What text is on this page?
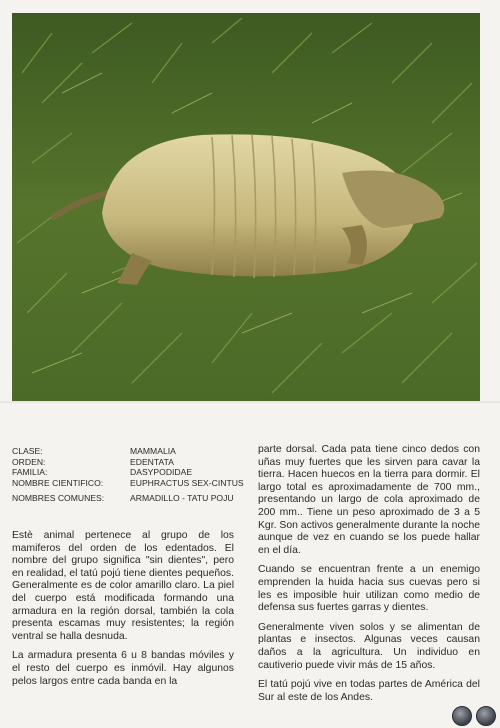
CLASE:	MAMMALIA
ORDEN:	EDENTATA
FAMILIA:	DASYPODIDAE
NOMBRE CIENTIFICO:	EUPHRACTUS SEX-CINTUS
NOMBRES COMUNES:	ARMADILLO - TATU POJU

Estè animal pertenece al grupo de los mamiferos del orden de los edentados. El nombre del grupo significa "sin dientes", pero en realidad, el tatú pojú tiene dientes pequeños. Generalmente es de color amarillo claro. La piel del cuerpo está modificada formando una armadura en la región dorsal, también la cola presenta escamas muy resistentes; la región ventral se halla desnuda.

La armadura presenta 6 u 8 bandas móviles y el resto del cuerpo es inmóvil. Hay algunos pelos largos entre cada banda en la

parte dorsal. Cada pata tiene cinco dedos con uñas muy fuertes que les sirven para cavar la tierra. Hacen huecos en la tierra para dormir. El largo total es aproximadamente de 700 mm., presentando un largo de cola aproximado de 200 mm.. Tiene un peso aproximado de 3 a 5 Kgr. Son activos generalmente durante la noche aunque de vez en cuando se los puede hallar en el día.

Cuando se encuentran frente a un enemigo emprenden la huida hacia sus cuevas pero si les es imposible huir utilizan como medio de defensa sus fuertes garras y dientes.

Generalmente viven solos y se alimentan de plantas e insectos. Algunas veces causan daños a la agricultura. Un individuo en cautiverio puede vivir más de 15 años.

El tatú pojú vive en todas partes de América del Sur al este de los Andes.
